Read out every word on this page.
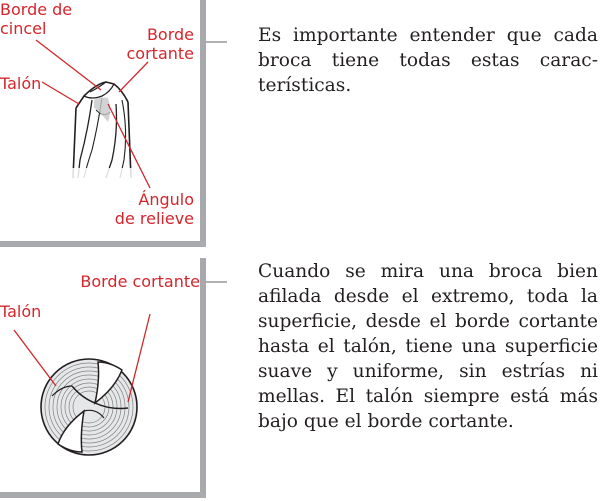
Borde de
cincel	Borde
cortante
Talón
Ángulo
de relieve

Es importante entender que cada broca tiene todas estas características.

Borde cortante
Talón

Cuando se mira una broca bien afilada desde el extremo, toda la superficie, desde el borde cortante hasta el talón, tiene una superficie suave y uniforme, sin estrías ni mellas. El talón siempre está más bajo que el borde cortante.
